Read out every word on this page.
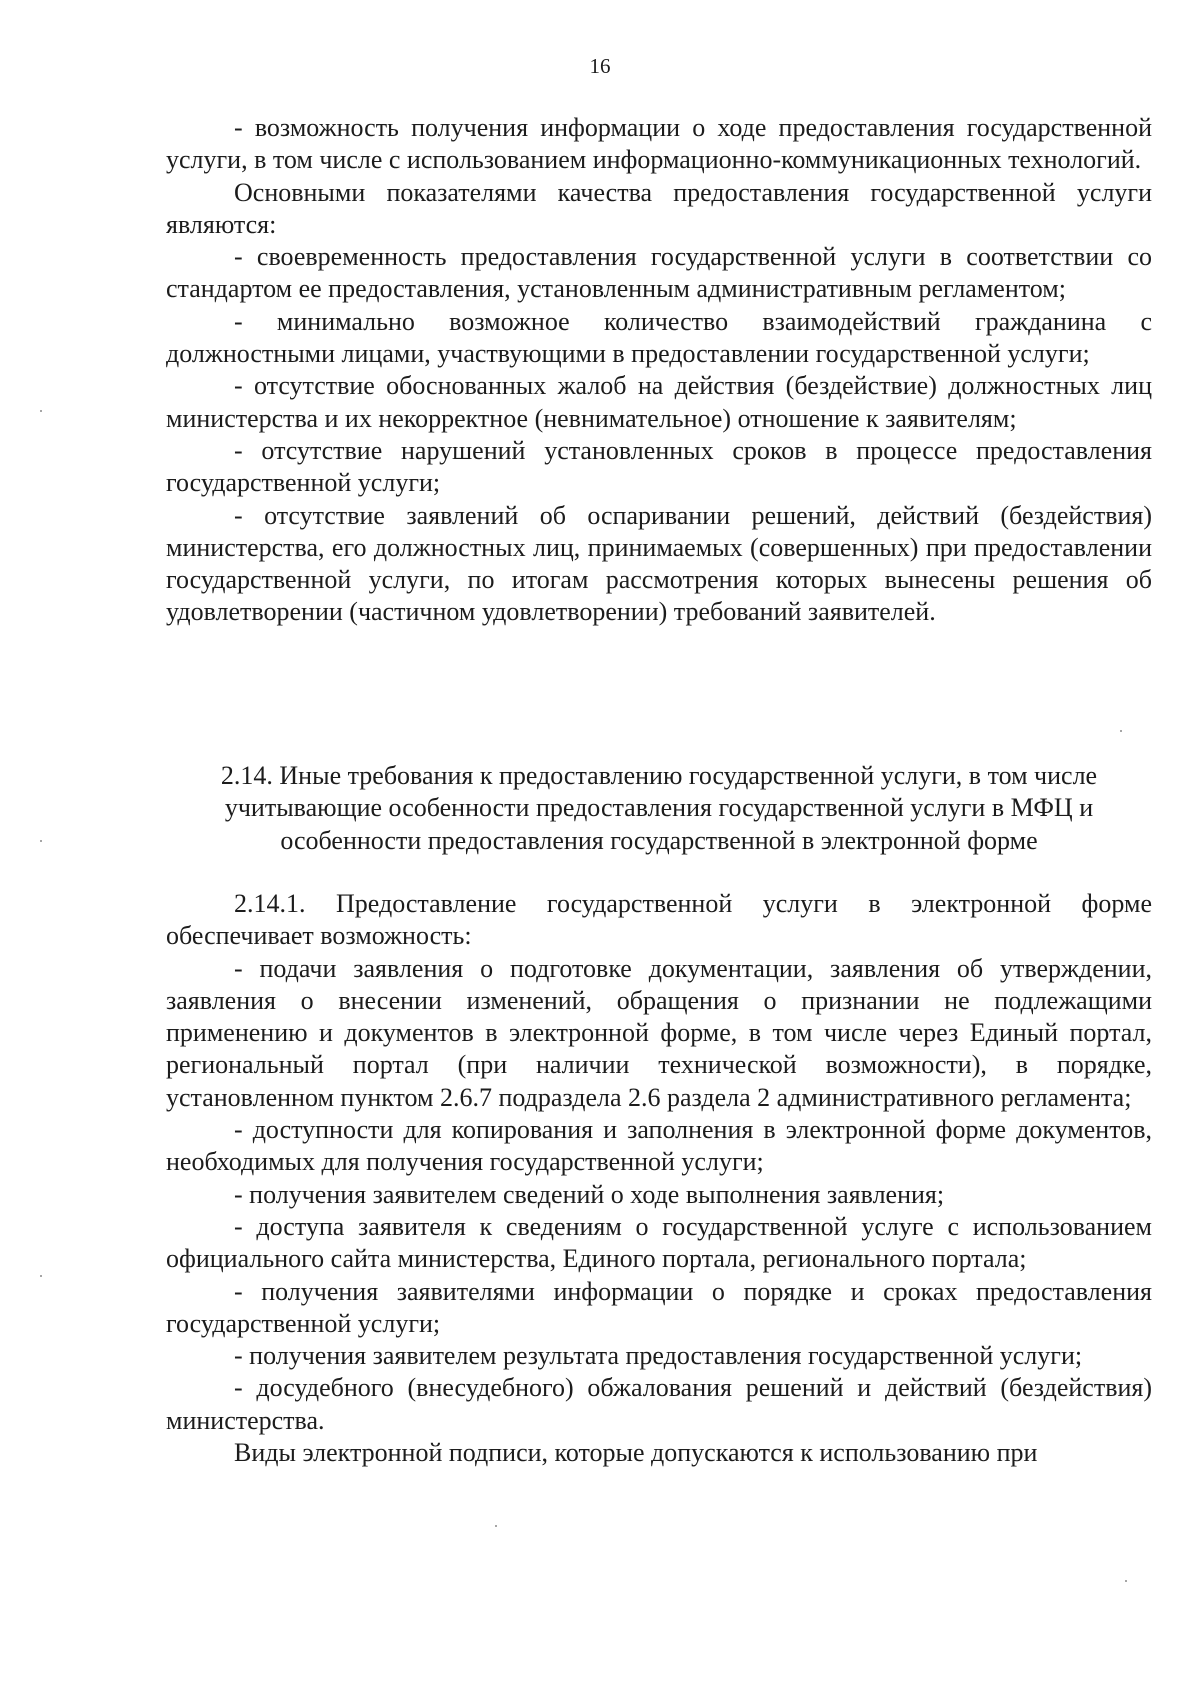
16

- возможность получения информации о ходе предоставления государственной услуги, в том числе с использованием информационно-коммуникационных технологий.

Основными показателями качества предоставления государственной услуги являются:

- своевременность предоставления государственной услуги в соответствии со стандартом ее предоставления, установленным административным регламентом;

- минимально возможное количество взаимодействий гражданина с должностными лицами, участвующими в предоставлении государственной услуги;

- отсутствие обоснованных жалоб на действия (бездействие) должностных лиц министерства и их некорректное (невнимательное) отношение к заявителям;

- отсутствие нарушений установленных сроков в процессе предоставления государственной услуги;

- отсутствие заявлений об оспаривании решений, действий (бездействия) министерства, его должностных лиц, принимаемых (совершенных) при предоставлении государственной услуги, по итогам рассмотрения которых вынесены решения об удовлетворении (частичном удовлетворении) требований заявителей.

2.14. Иные требования к предоставлению государственной услуги, в том числе
учитывающие особенности предоставления государственной услуги в МФЦ и
особенности предоставления государственной в электронной форме

2.14.1. Предоставление государственной услуги в электронной форме обеспечивает возможность:

- подачи заявления о подготовке документации, заявления об утверждении, заявления о внесении изменений, обращения о признании не подлежащими применению и документов в электронной форме, в том числе через Единый портал, региональный портал (при наличии технической возможности), в порядке, установленном пунктом 2.6.7 подраздела 2.6 раздела 2 административного регламента;

- доступности для копирования и заполнения в электронной форме документов, необходимых для получения государственной услуги;

- получения заявителем сведений о ходе выполнения заявления;

- доступа заявителя к сведениям о государственной услуге с использованием официального сайта министерства, Единого портала, регионального портала;

- получения заявителями информации о порядке и сроках предоставления государственной услуги;

- получения заявителем результата предоставления государственной услуги;

- досудебного (внесудебного) обжалования решений и действий (бездействия) министерства.

Виды электронной подписи, которые допускаются к использованию при
